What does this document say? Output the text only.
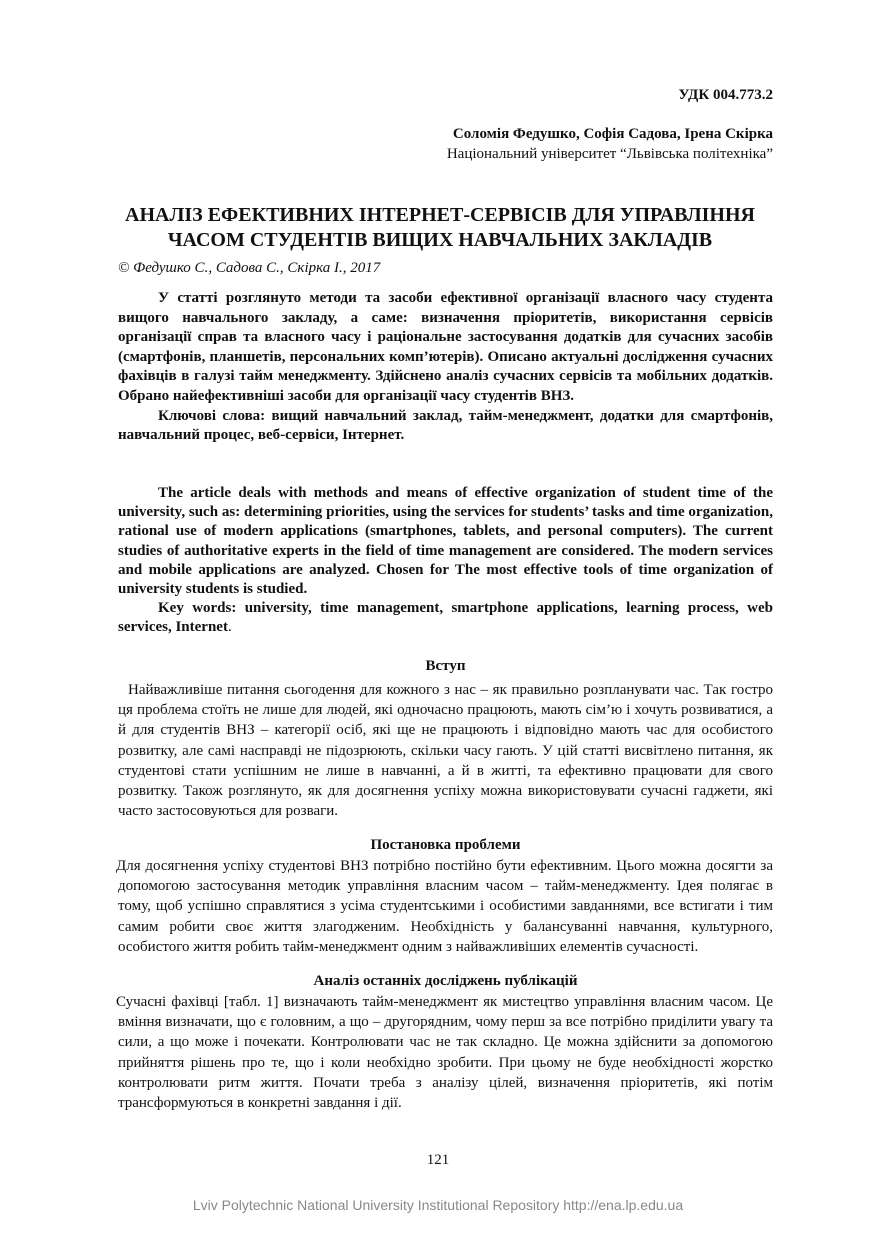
УДК 004.773.2
Соломія Федушко, Софія Садова, Ірена Скірка
Національний університет “Львівська політехніка”
АНАЛІЗ ЕФЕКТИВНИХ ІНТЕРНЕТ-СЕРВІСІВ ДЛЯ УПРАВЛІННЯ
ЧАСОМ СТУДЕНТІВ ВИЩИХ НАВЧАЛЬНИХ ЗАКЛАДІВ
© Федушко С., Садова С., Скірка І., 2017

У статті розглянуто методи та засоби ефективної організації власного часу студента вищого навчального закладу, а саме: визначення пріоритетів, використання сервісів організації справ та власного часу і раціональне застосування додатків для сучасних засобів (смартфонів, планшетів, персональних комп’ютерів). Описано актуальні дослідження сучасних фахівців в галузі тайм менеджменту. Здійснено аналіз сучасних сервісів та мобільних додатків. Обрано найефективніші засоби для організації часу студентів ВНЗ.

Ключові слова: вищий навчальний заклад, тайм-менеджмент, додатки для смартфонів, навчальний процес, веб-сервіси, Інтернет.

The article deals with methods and means of effective organization of student time of the university, such as: determining priorities, using the services for students’ tasks and time organization, rational use of modern applications (smartphones, tablets, and personal computers). The current studies of authoritative experts in the field of time management are considered. The modern services and mobile applications are analyzed. Chosen for The most effective tools of time organization of university students is studied.

Key words: university, time management, smartphone applications, learning process, web services, Internet.

Вступ

Найважливіше питання сьогодення для кожного з нас – як правильно розпланувати час. Так гостро ця проблема стоїть не лише для людей, які одночасно працюють, мають сім’ю і хочуть розвиватися, а й для студентів ВНЗ – категорії осіб, які ще не працюють і відповідно мають час для особистого розвитку, але самі насправді не підозрюють, скільки часу гають. У цій статті висвітлено питання, як студентові стати успішним не лише в навчанні, а й в житті, та ефективно працювати для свого розвитку. Також розглянуто, як для досягнення успіху можна використовувати сучасні гаджети, які часто застосовуються для розваги.

Постановка проблеми

Для досягнення успіху студентові ВНЗ потрібно постійно бути ефективним. Цього можна досягти за допомогою застосування методик управління власним часом – тайм-менеджменту. Ідея полягає в тому, щоб успішно справлятися з усіма студентськими і особистими завданнями, все встигати і тим самим робити своє життя злагодженим. Необхідність у балансуванні навчання, культурного, особистого життя робить тайм-менеджмент одним з найважливіших елементів сучасності.

Аналіз останніх досліджень публікацій

Сучасні фахівці [табл. 1] визначають тайм-менеджмент як мистецтво управління власним часом. Це вміння визначати, що є головним, а що – другорядним, чому перш за все потрібно приділити увагу та сили, а що може і почекати. Контролювати час не так складно. Це можна здійснити за допомогою прийняття рішень про те, що і коли необхідно зробити. При цьому не буде необхідності жорстко контролювати ритм життя. Почати треба з аналізу цілей, визначення пріоритетів, які потім трансформуються в конкретні завдання і дії.

121
Lviv Polytechnic National University Institutional Repository http://ena.lp.edu.ua
